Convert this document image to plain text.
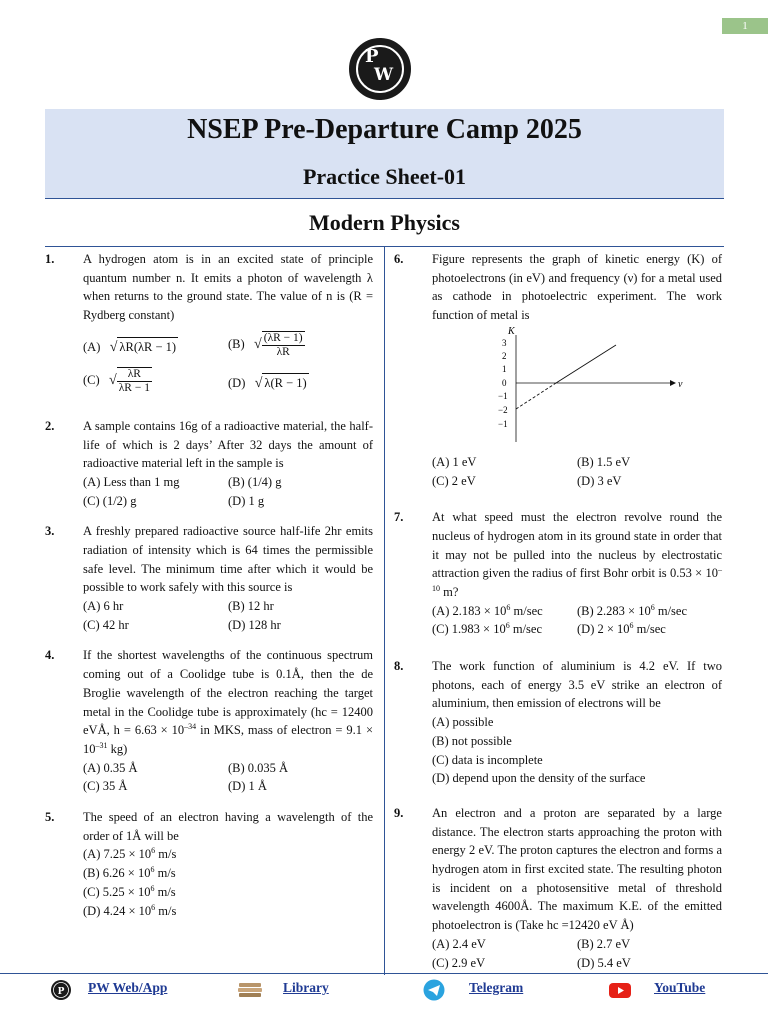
1
P
W
NSEP Pre-Departure Camp 2025
Practice Sheet-01
Modern Physics
1. A hydrogen atom is in an excited state of principle quantum number n. It emits a photon of wavelength λ when returns to the ground state. The value of n is (R = Rydberg constant)
(A) √ λR(λR − 1)	(B) √ $\frac{(\lambda R - 1)}{\lambda R}$
(C) √ $\frac{\lambda R}{\lambda R - 1}$	(D) √ λ(R − 1)
2. A sample contains 16g of a radioactive material, the half-life of which is 2 days’ After 32 days the amount of radioactive material left in the sample is
(A) Less than 1 mg	(B) (1/4) g
(C) (1/2) g	(D) 1 g
3. A freshly prepared radioactive source half-life 2hr emits radiation of intensity which is 64 times the permissible safe level. The minimum time after which it would be possible to work safely with this source is
(A) 6 hr	(B) 12 hr
(C) 42 hr	(D) 128 hr
4. If the shortest wavelengths of the continuous spectrum coming out of a Coolidge tube is 0.1Å, then the de Broglie wavelength of the electron reaching the target metal in the Coolidge tube is approximately (hc = 12400 eVÅ, $h = 6.63 \times 10^{-34}$ in MKS, mass of electron = $9.1 \times 10^{-31}$ kg)
(A) 0.35 Å	(B) 0.035 Å
(C) 35 Å	(D) 1 Å
5. The speed of an electron having a wavelength of the order of 1Å will be
(A) $7.25 \times 10^6$ m/s
(B) $6.26 \times 10^6$ m/s
(C) $5.25 \times 10^6$ m/s
(D) $4.24 \times 10^6$ m/s
6. Figure represents the graph of kinetic energy (K) of photoelectrons (in eV) and frequency (ν) for a metal used as cathode in photoelectric experiment. The work function of metal is
K
ν
3
2
1
0
−1
−2
−1
(A) 1 eV	(B) 1.5 eV
(C) 2 eV	(D) 3 eV
7. At what speed must the electron revolve round the nucleus of hydrogen atom in its ground state in order that it may not be pulled into the nucleus by electrostatic attraction given the radius of first Bohr orbit is $0.53 \times 10^{-10}$ m?
(A) $2.183 \times 10^6$ m/sec	(B) $2.283 \times 10^6$ m/sec
(C) $1.983 \times 10^6$ m/sec	(D) $2 \times 10^6$ m/sec
8. The work function of aluminium is 4.2 eV. If two photons, each of energy 3.5 eV strike an electron of aluminium, then emission of electrons will be
(A) possible
(B) not possible
(C) data is incomplete
(D) depend upon the density of the surface
9. An electron and a proton are separated by a large distance. The electron starts approaching the proton with energy 2 eV. The proton captures the electron and forms a hydrogen atom in first excited state. The resulting photon is incident on a photosensitive metal of threshold wavelength 4600Å. The maximum K.E. of the emitted photoelectron is (Take hc =12420 eV Å)
(A) 2.4 eV	(B) 2.7 eV
(C) 2.9 eV	(D) 5.4 eV
P PW Web/App	Library	Telegram	YouTube
